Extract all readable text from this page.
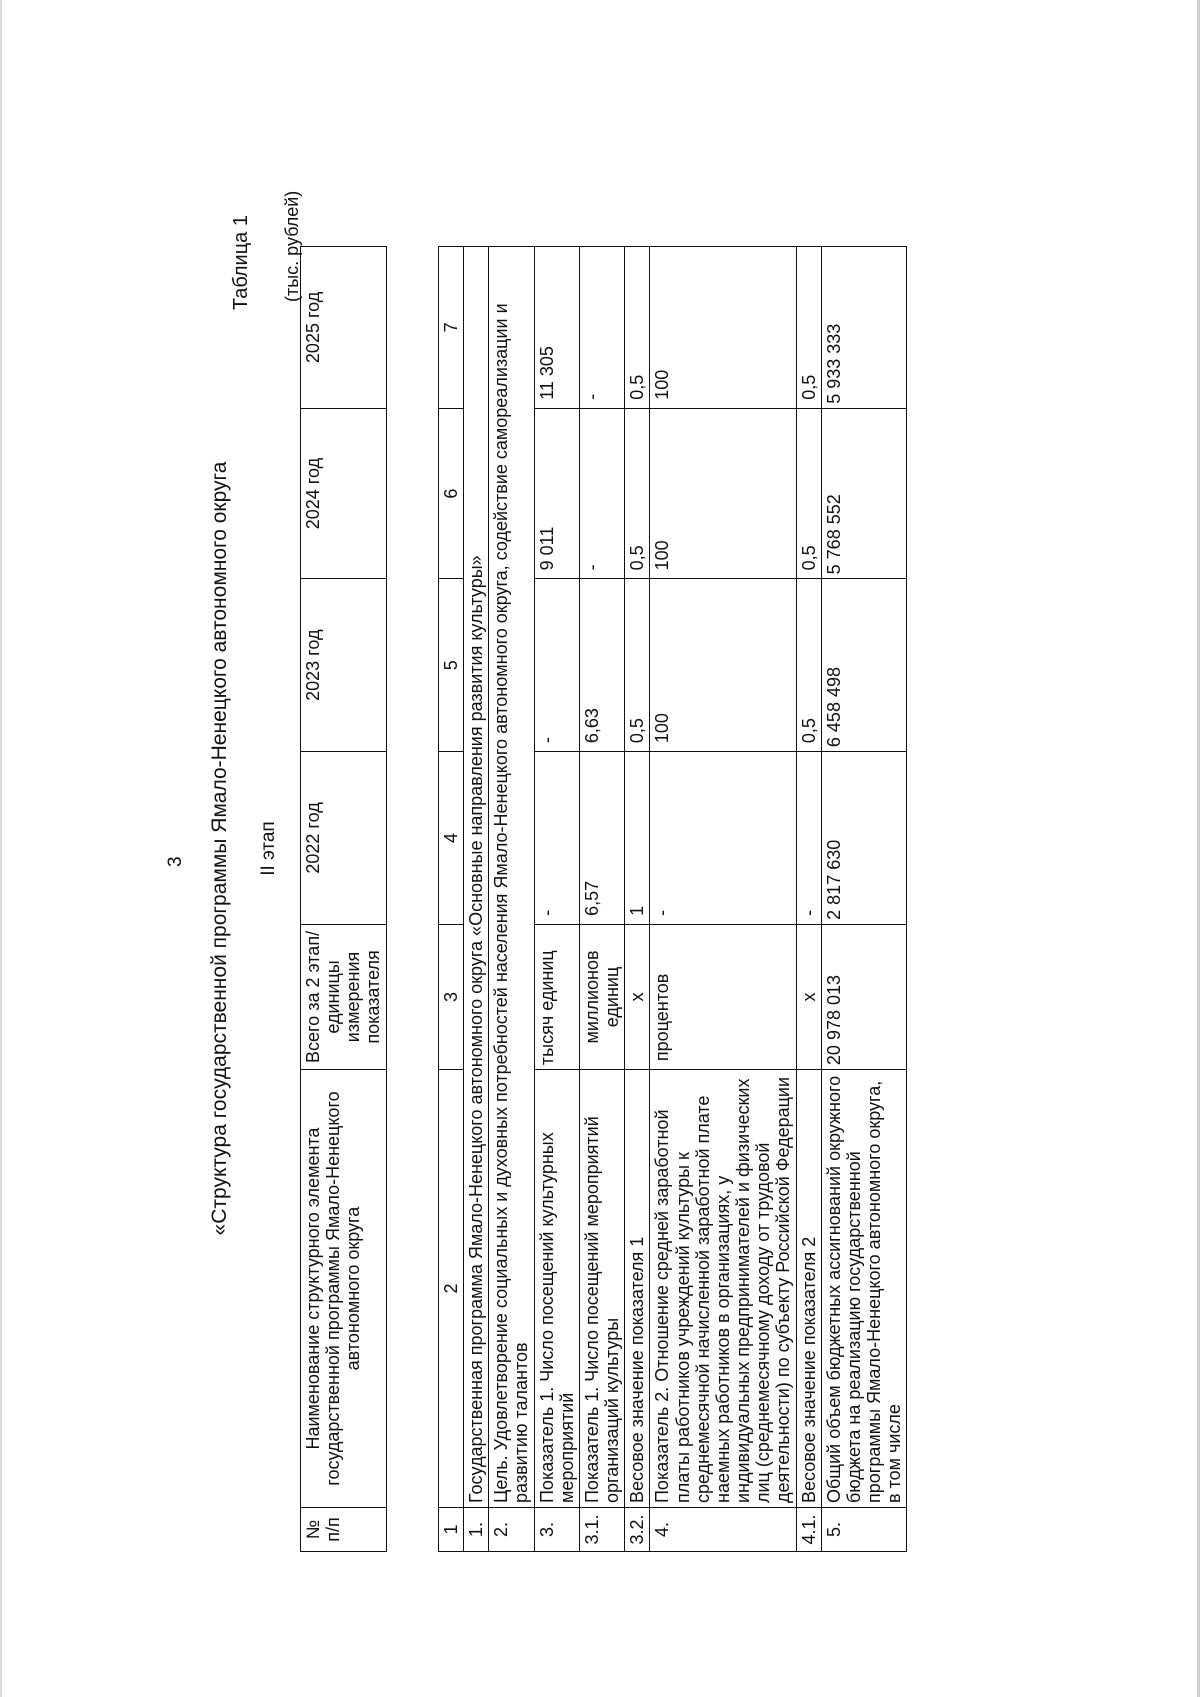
3 «Структура государственной программы Ямало-Ненецкого автономного округа
Таблица 1
II этап
(тыс. рублей)
№ п/п	Наименование структурного элемента государственной программы Ямало-Ненецкого автономного округа	Всего за 2 этап/ единицы измерения показателя	2022 год	2023 год	2024 год	2025 год
1	2	3	4	5	6	7
1.	Государственная программа Ямало-Ненецкого автономного округа «Основные направления развития культуры»					
2.	Цель. Удовлетворение социальных и духовных потребностей населения Ямало-Ненецкого автономного округа, содействие самореализации и развитию талантов					
3.	Показатель 1. Число посещений культурных мероприятий	тысяч единиц	-	-	9 011	11 305
3.1.	Показатель 1. Число посещений мероприятий организаций культуры	миллионов единиц	6,57	6,63	-	-
3.2.	Весовое значение показателя 1	x	1	0,5	0,5	0,5
4.	Показатель 2. Отношение средней заработной платы работников учреждений культуры к среднемесячной начисленной заработной плате наемных работников в организациях, у индивидуальных предпринимателей и физических лиц (среднемесячному доходу от трудовой деятельности) по субъекту Российской Федерации	процентов	-	100	100	100
4.1.	Весовое значение показателя 2	x	-	0,5	0,5	0,5
5.	Общий объем бюджетных ассигнований окружного бюджета на реализацию государственной программы Ямало-Ненецкого автономного округа, в том числе	20 978 013	2 817 630	6 458 498	5 768 552	5 933 333
